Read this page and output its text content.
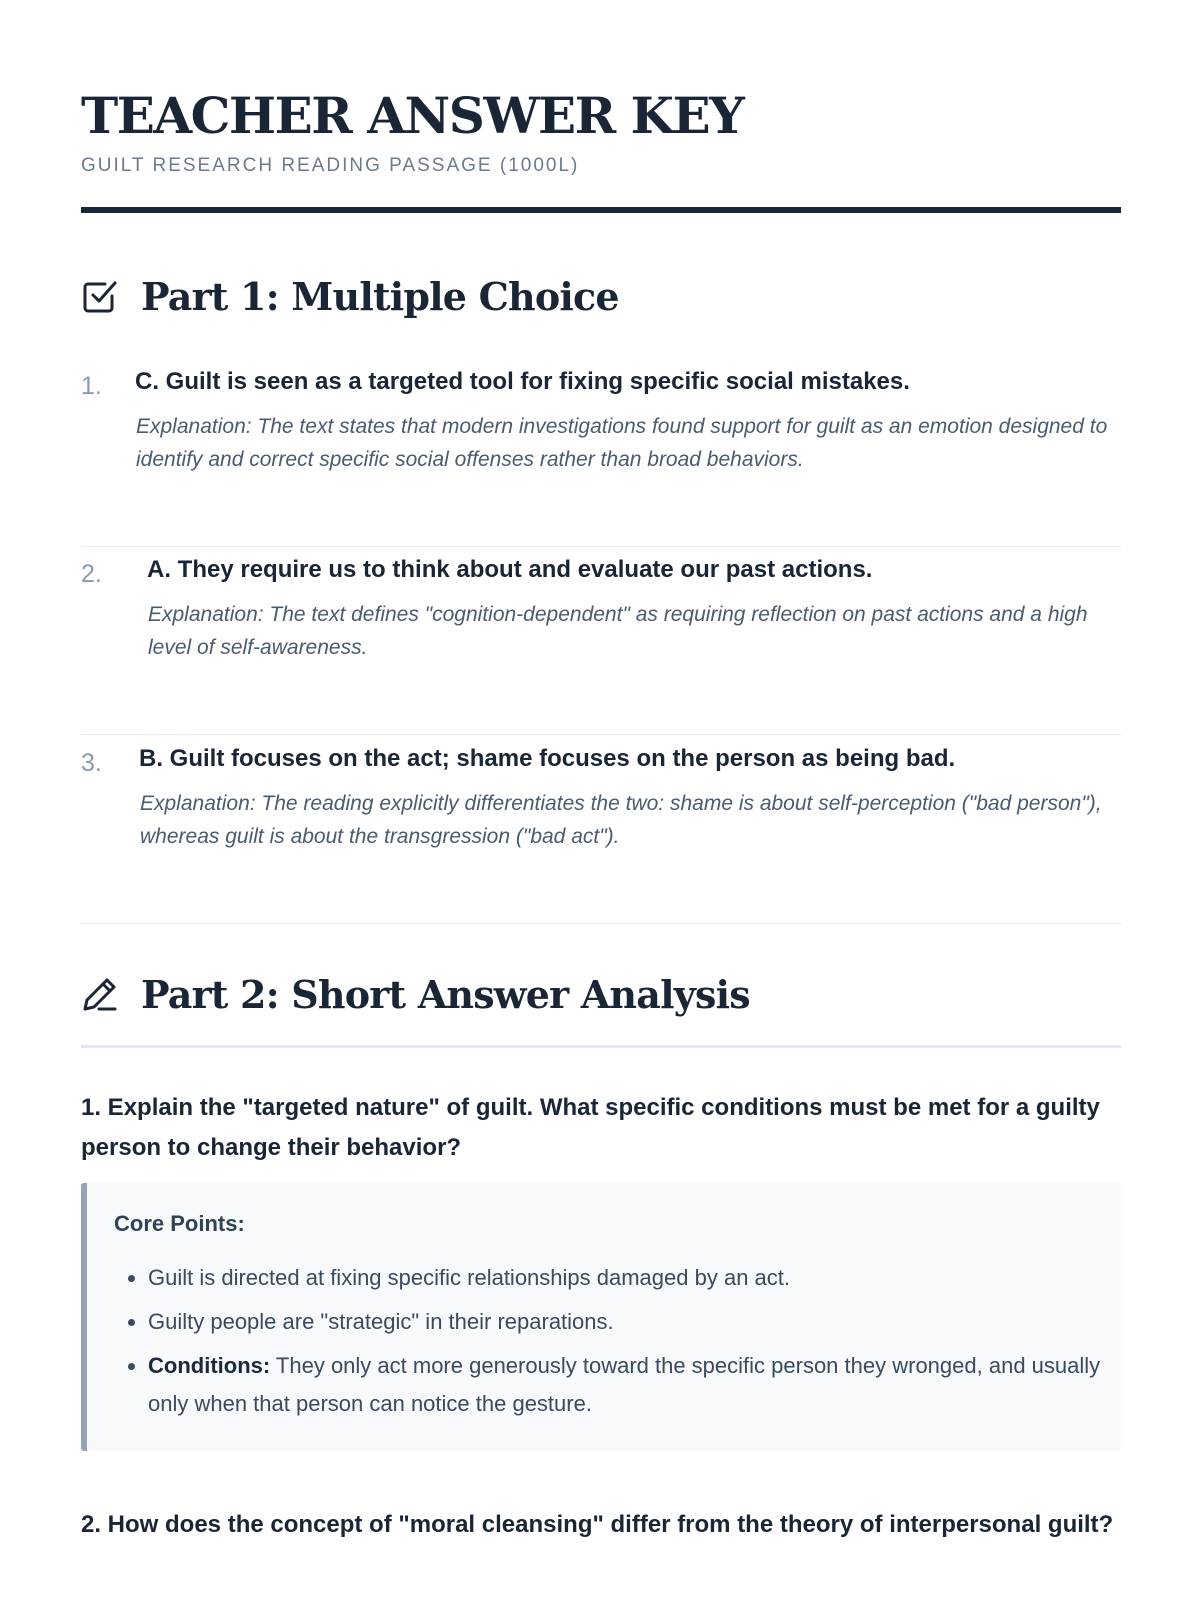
TEACHER ANSWER KEY
GUILT RESEARCH READING PASSAGE (1000L)
Part 1: Multiple Choice
1. C. Guilt is seen as a targeted tool for fixing specific social mistakes.
Explanation: The text states that modern investigations found support for guilt as an emotion designed to identify and correct specific social offenses rather than broad behaviors.
2. A. They require us to think about and evaluate our past actions.
Explanation: The text defines "cognition-dependent" as requiring reflection on past actions and a high level of self-awareness.
3. B. Guilt focuses on the act; shame focuses on the person as being bad.
Explanation: The reading explicitly differentiates the two: shame is about self-perception ("bad person"), whereas guilt is about the transgression ("bad act").
Part 2: Short Answer Analysis

1. Explain the "targeted nature" of guilt. What specific conditions must be met for a guilty person to change their behavior?

Core Points:
• Guilt is directed at fixing specific relationships damaged by an act.
• Guilty people are "strategic" in their reparations.
• Conditions: They only act more generously toward the specific person they wronged, and usually only when that person can notice the gesture.

2. How does the concept of "moral cleansing" differ from the theory of interpersonal guilt?
